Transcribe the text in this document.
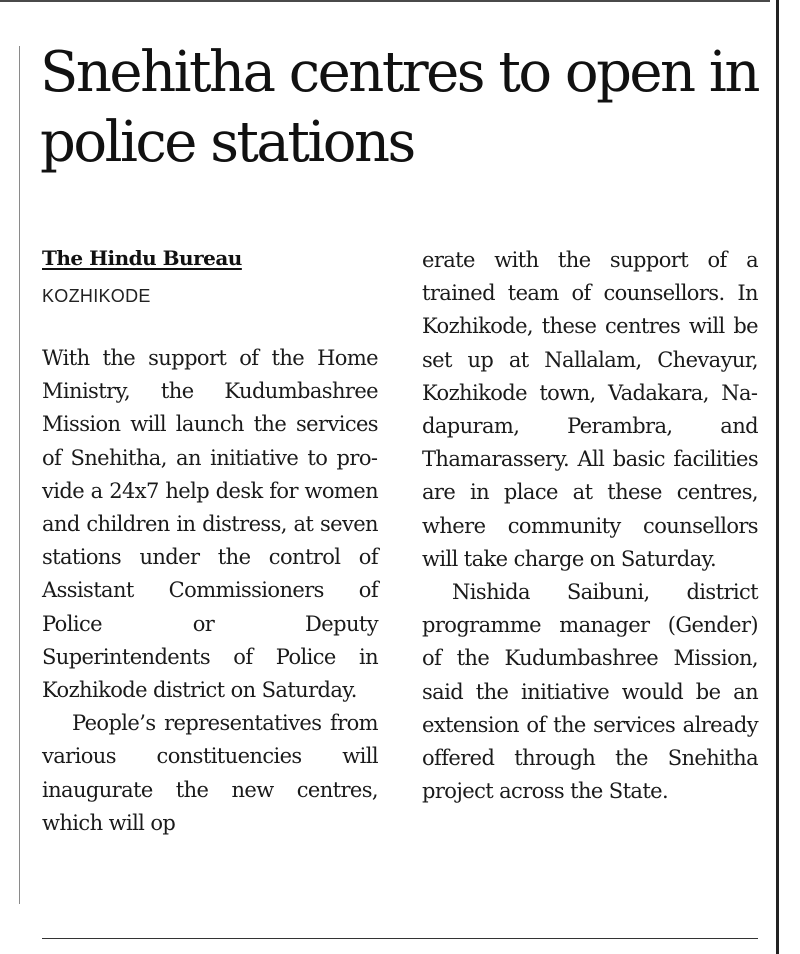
Snehitha centres to open in police stations
The Hindu Bureau
KOZHIKODE

With the support of the Home Ministry, the Kudumbashree Mission will launch the services of Snehitha, an initiative to provide a 24x7 help desk for women and children in distress, at seven stations under the control of Assistant Commissioners of Police or Deputy Superintendents of Police in Kozhikode district on Saturday.

People’s representatives from various constituencies will inaugurate the new centres, which will op

erate with the support of a trained team of counsellors. In Kozhikode, these centres will be set up at Nallalam, Chevayur, Kozhikode town, Vadakara, Nadapuram, Perambra, and Thamarassery. All basic facilities are in place at these centres, where community counsellors will take charge on Saturday.

Nishida Saibuni, district programme manager (Gender) of the Kudumbashree Mission, said the initiative would be an extension of the services already offered through the Snehitha project across the State.
